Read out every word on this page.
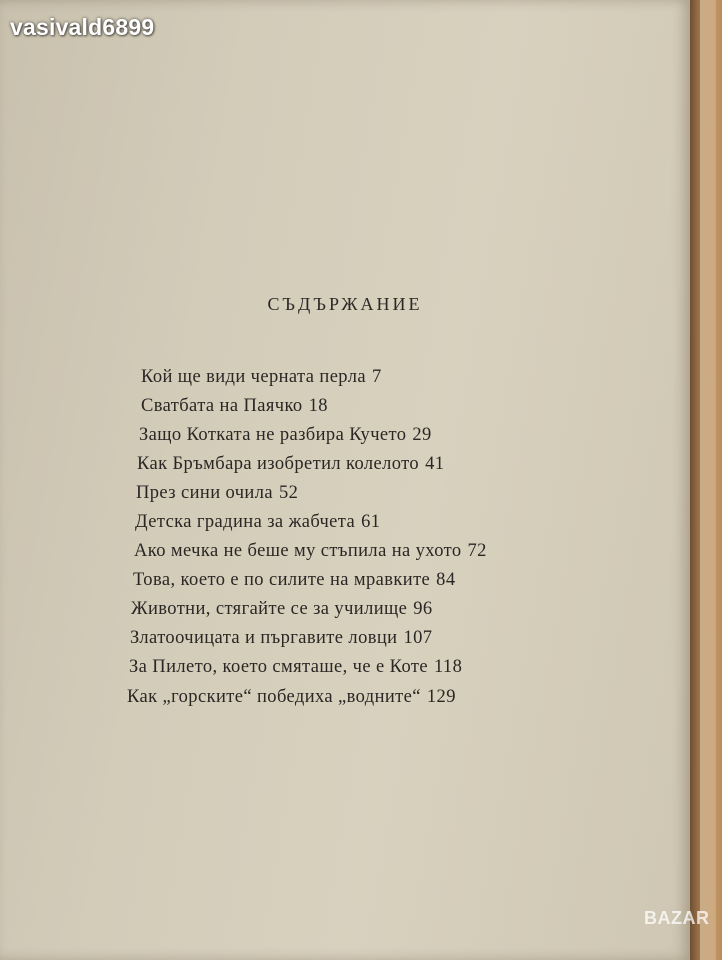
vasivald6899
СЪДЪРЖАНИЕ
Кой ще види черната перла 7
Сватбата на Паячко 18
Защо Котката не разбира Кучето 29
Как Бръмбара изобретил колелото 41
През сини очила 52
Детска градина за жабчета 61
Ако мечка не беше му стъпила на ухото 72
Това, което е по силите на мравките 84
Животни, стягайте се за училище 96
Златоочицата и пъргавите ловци 107
За Пилето, което смяташе, че е Коте 118
Как „горските“ победиха „водните“ 129
BAZAR
